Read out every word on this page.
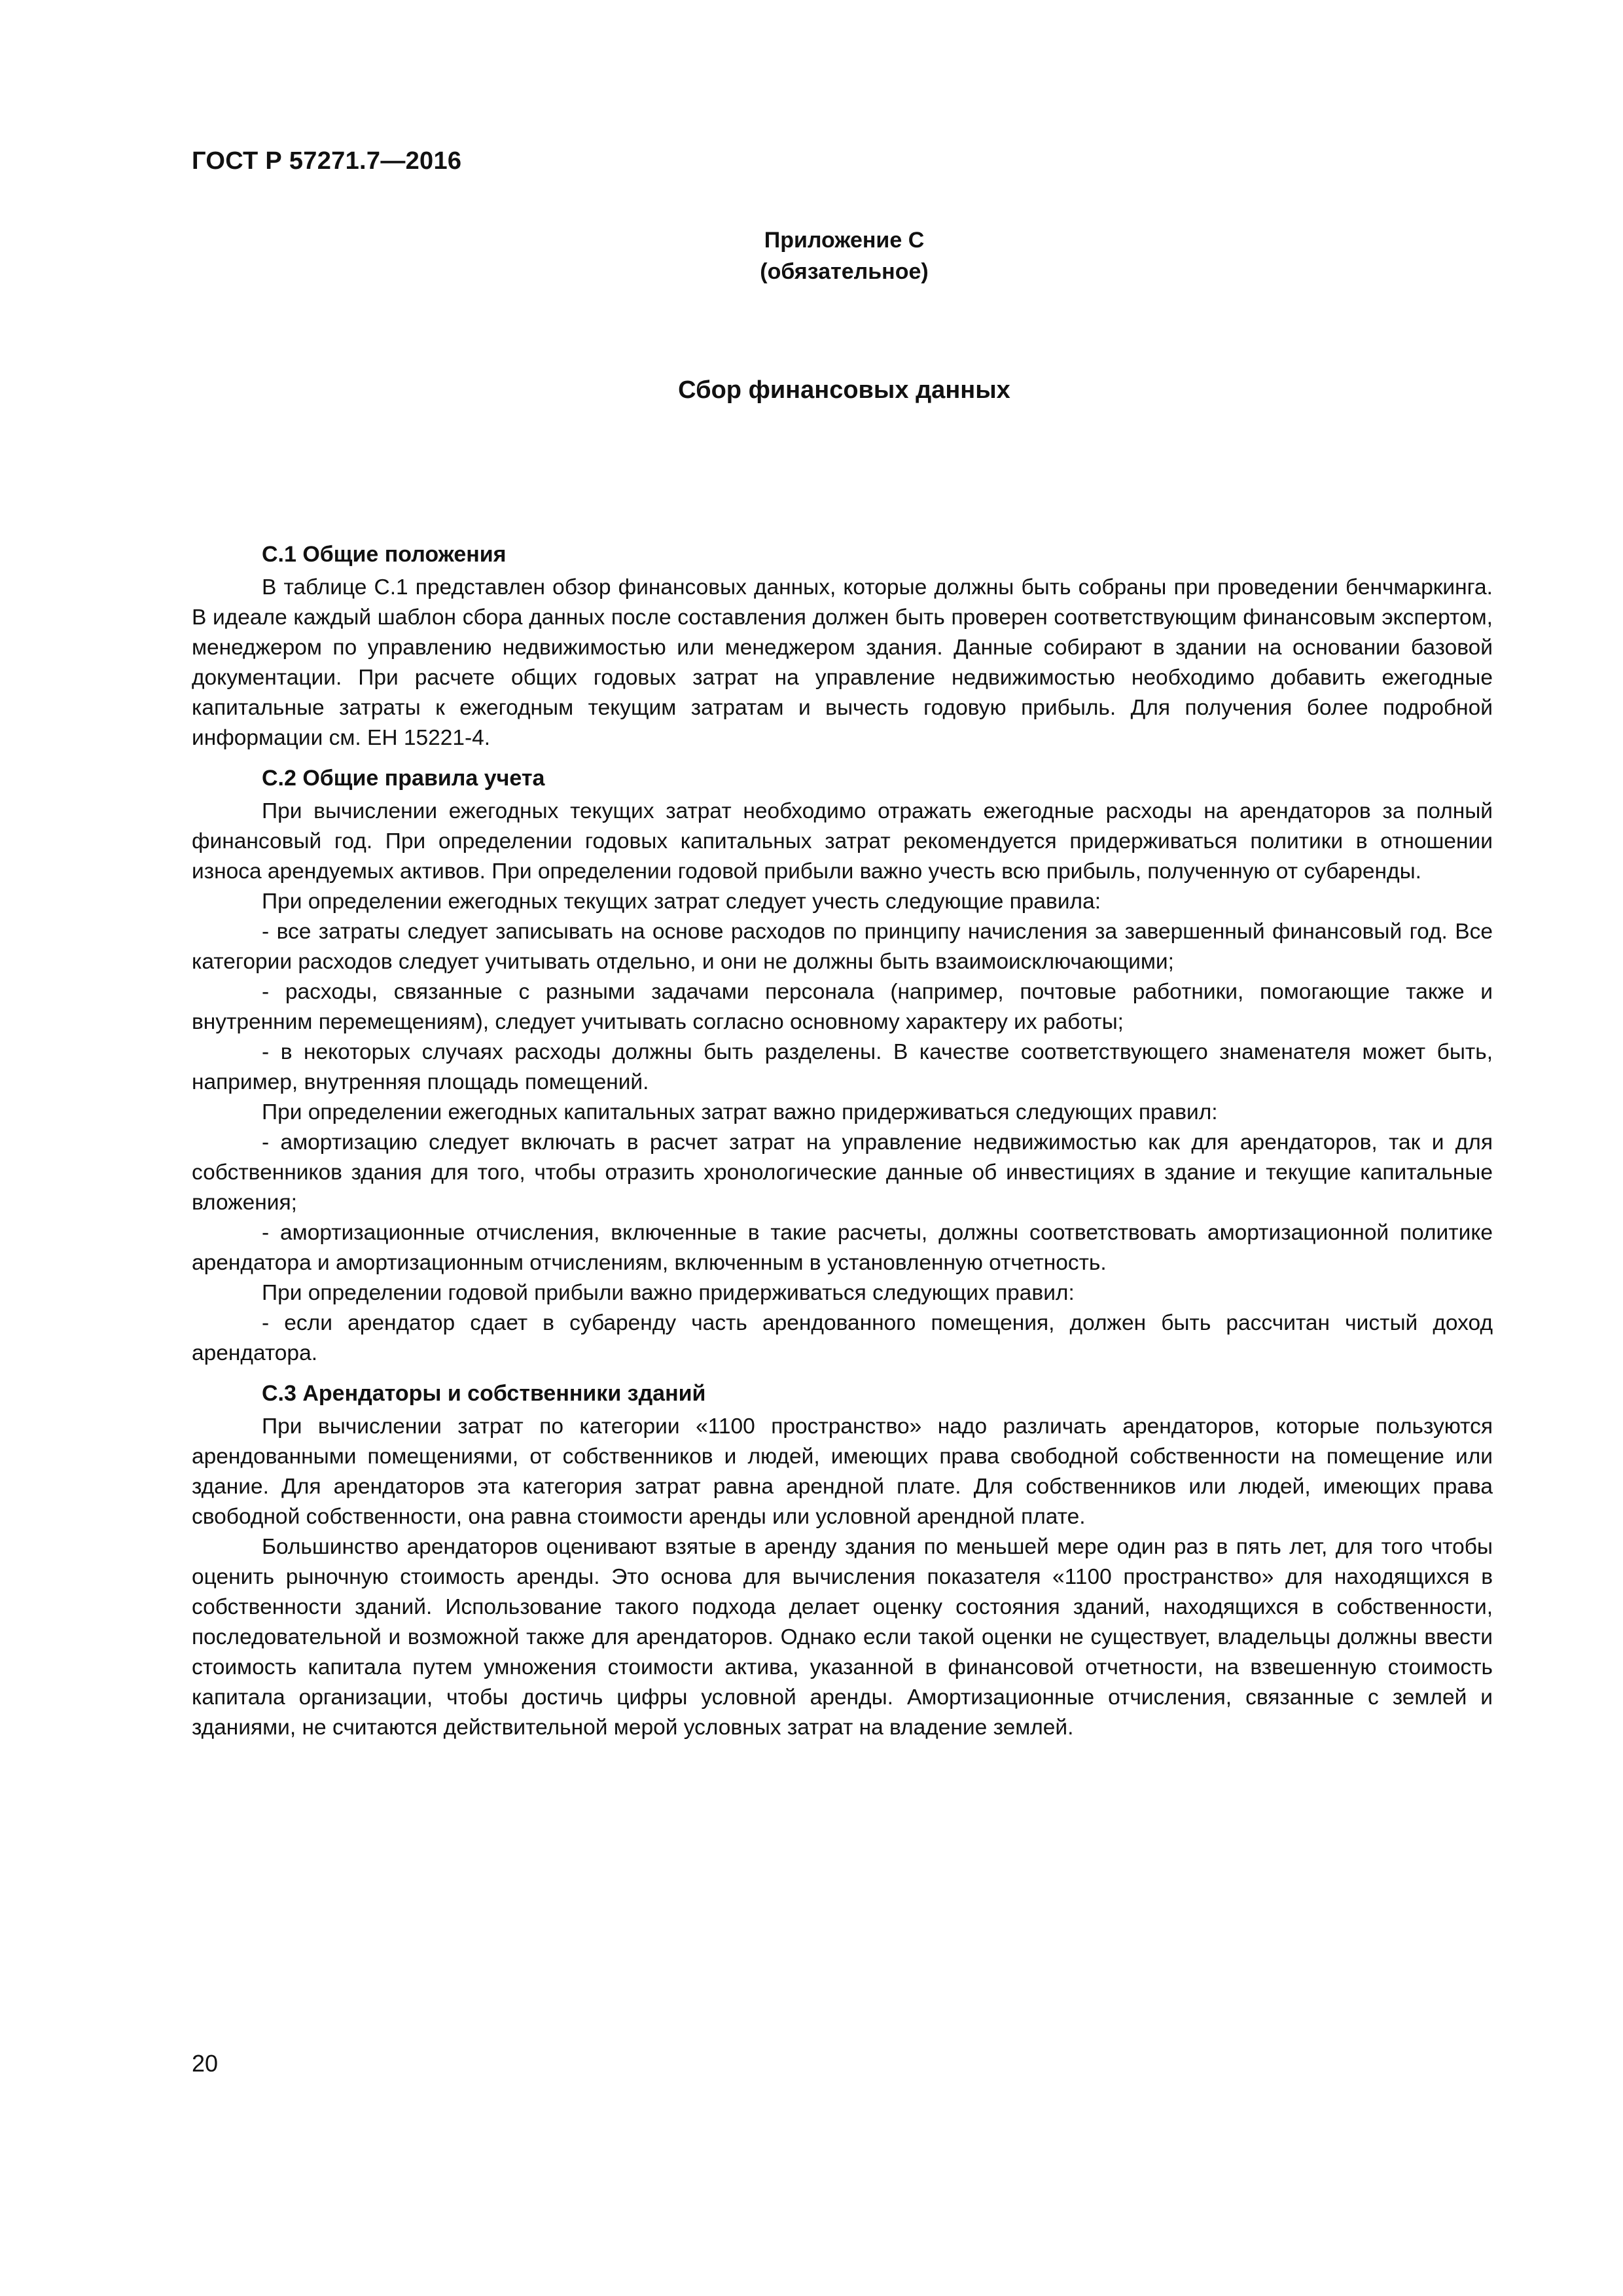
ГОСТ Р 57271.7—2016
Приложение C
(обязательное)
Сбор финансовых данных
C.1 Общие положения

В таблице C.1 представлен обзор финансовых данных, которые должны быть собраны при проведении бенчмаркинга. В идеале каждый шаблон сбора данных после составления должен быть проверен соответствующим финансовым экспертом, менеджером по управлению недвижимостью или менеджером здания. Данные собирают в здании на основании базовой документации. При расчете общих годовых затрат на управление недвижимостью необходимо добавить ежегодные капитальные затраты к ежегодным текущим затратам и вычесть годовую прибыль. Для получения более подробной информации см. ЕН 15221-4.

C.2 Общие правила учета

При вычислении ежегодных текущих затрат необходимо отражать ежегодные расходы на арендаторов за полный финансовый год. При определении годовых капитальных затрат рекомендуется придерживаться политики в отношении износа арендуемых активов. При определении годовой прибыли важно учесть всю прибыль, полученную от субаренды.

При определении ежегодных текущих затрат следует учесть следующие правила:

- все затраты следует записывать на основе расходов по принципу начисления за завершенный финансовый год. Все категории расходов следует учитывать отдельно, и они не должны быть взаимоисключающими;

- расходы, связанные с разными задачами персонала (например, почтовые работники, помогающие также и внутренним перемещениям), следует учитывать согласно основному характеру их работы;

- в некоторых случаях расходы должны быть разделены. В качестве соответствующего знаменателя может быть, например, внутренняя площадь помещений.

При определении ежегодных капитальных затрат важно придерживаться следующих правил:

- амортизацию следует включать в расчет затрат на управление недвижимостью как для арендаторов, так и для собственников здания для того, чтобы отразить хронологические данные об инвестициях в здание и текущие капитальные вложения;

- амортизационные отчисления, включенные в такие расчеты, должны соответствовать амортизационной политике арендатора и амортизационным отчислениям, включенным в установленную отчетность.

При определении годовой прибыли важно придерживаться следующих правил:

- если арендатор сдает в субаренду часть арендованного помещения, должен быть рассчитан чистый доход арендатора.

C.3 Арендаторы и собственники зданий

При вычислении затрат по категории «1100 пространство» надо различать арендаторов, которые пользуются арендованными помещениями, от собственников и людей, имеющих права свободной собственности на помещение или здание. Для арендаторов эта категория затрат равна арендной плате. Для собственников или людей, имеющих права свободной собственности, она равна стоимости аренды или условной арендной плате.

Большинство арендаторов оценивают взятые в аренду здания по меньшей мере один раз в пять лет, для того чтобы оценить рыночную стоимость аренды. Это основа для вычисления показателя «1100 пространство» для находящихся в собственности зданий. Использование такого подхода делает оценку состояния зданий, находящихся в собственности, последовательной и возможной также для арендаторов. Однако если такой оценки не существует, владельцы должны ввести стоимость капитала путем умножения стоимости актива, указанной в финансовой отчетности, на взвешенную стоимость капитала организации, чтобы достичь цифры условной аренды. Амортизационные отчисления, связанные с землей и зданиями, не считаются действительной мерой условных затрат на владение землей.

20
